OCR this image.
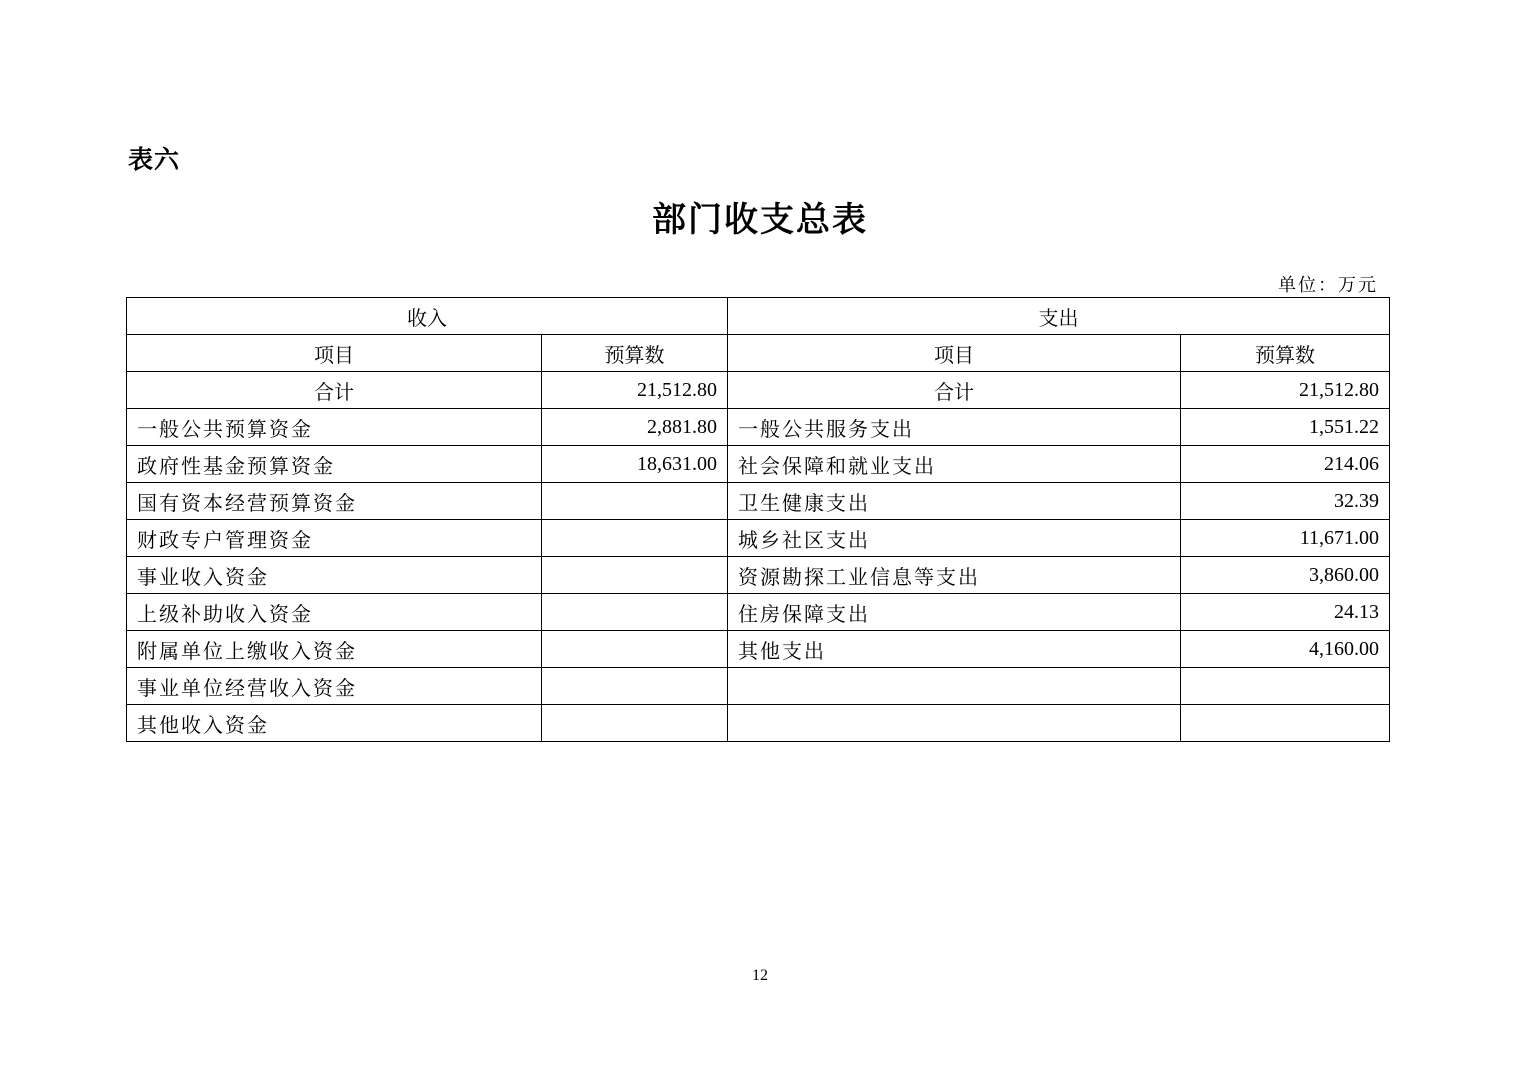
表六
部门收支总表
单位：万元
收入		支出	
项目	预算数	项目	预算数
合计	21,512.80	合计	21,512.80
一般公共预算资金	2,881.80	一般公共服务支出	1,551.22
政府性基金预算资金	18,631.00	社会保障和就业支出	214.06
国有资本经营预算资金		卫生健康支出	32.39
财政专户管理资金		城乡社区支出	11,671.00
事业收入资金		资源勘探工业信息等支出	3,860.00
上级补助收入资金		住房保障支出	24.13
附属单位上缴收入资金		其他支出	4,160.00
事业单位经营收入资金			
其他收入资金			
12
